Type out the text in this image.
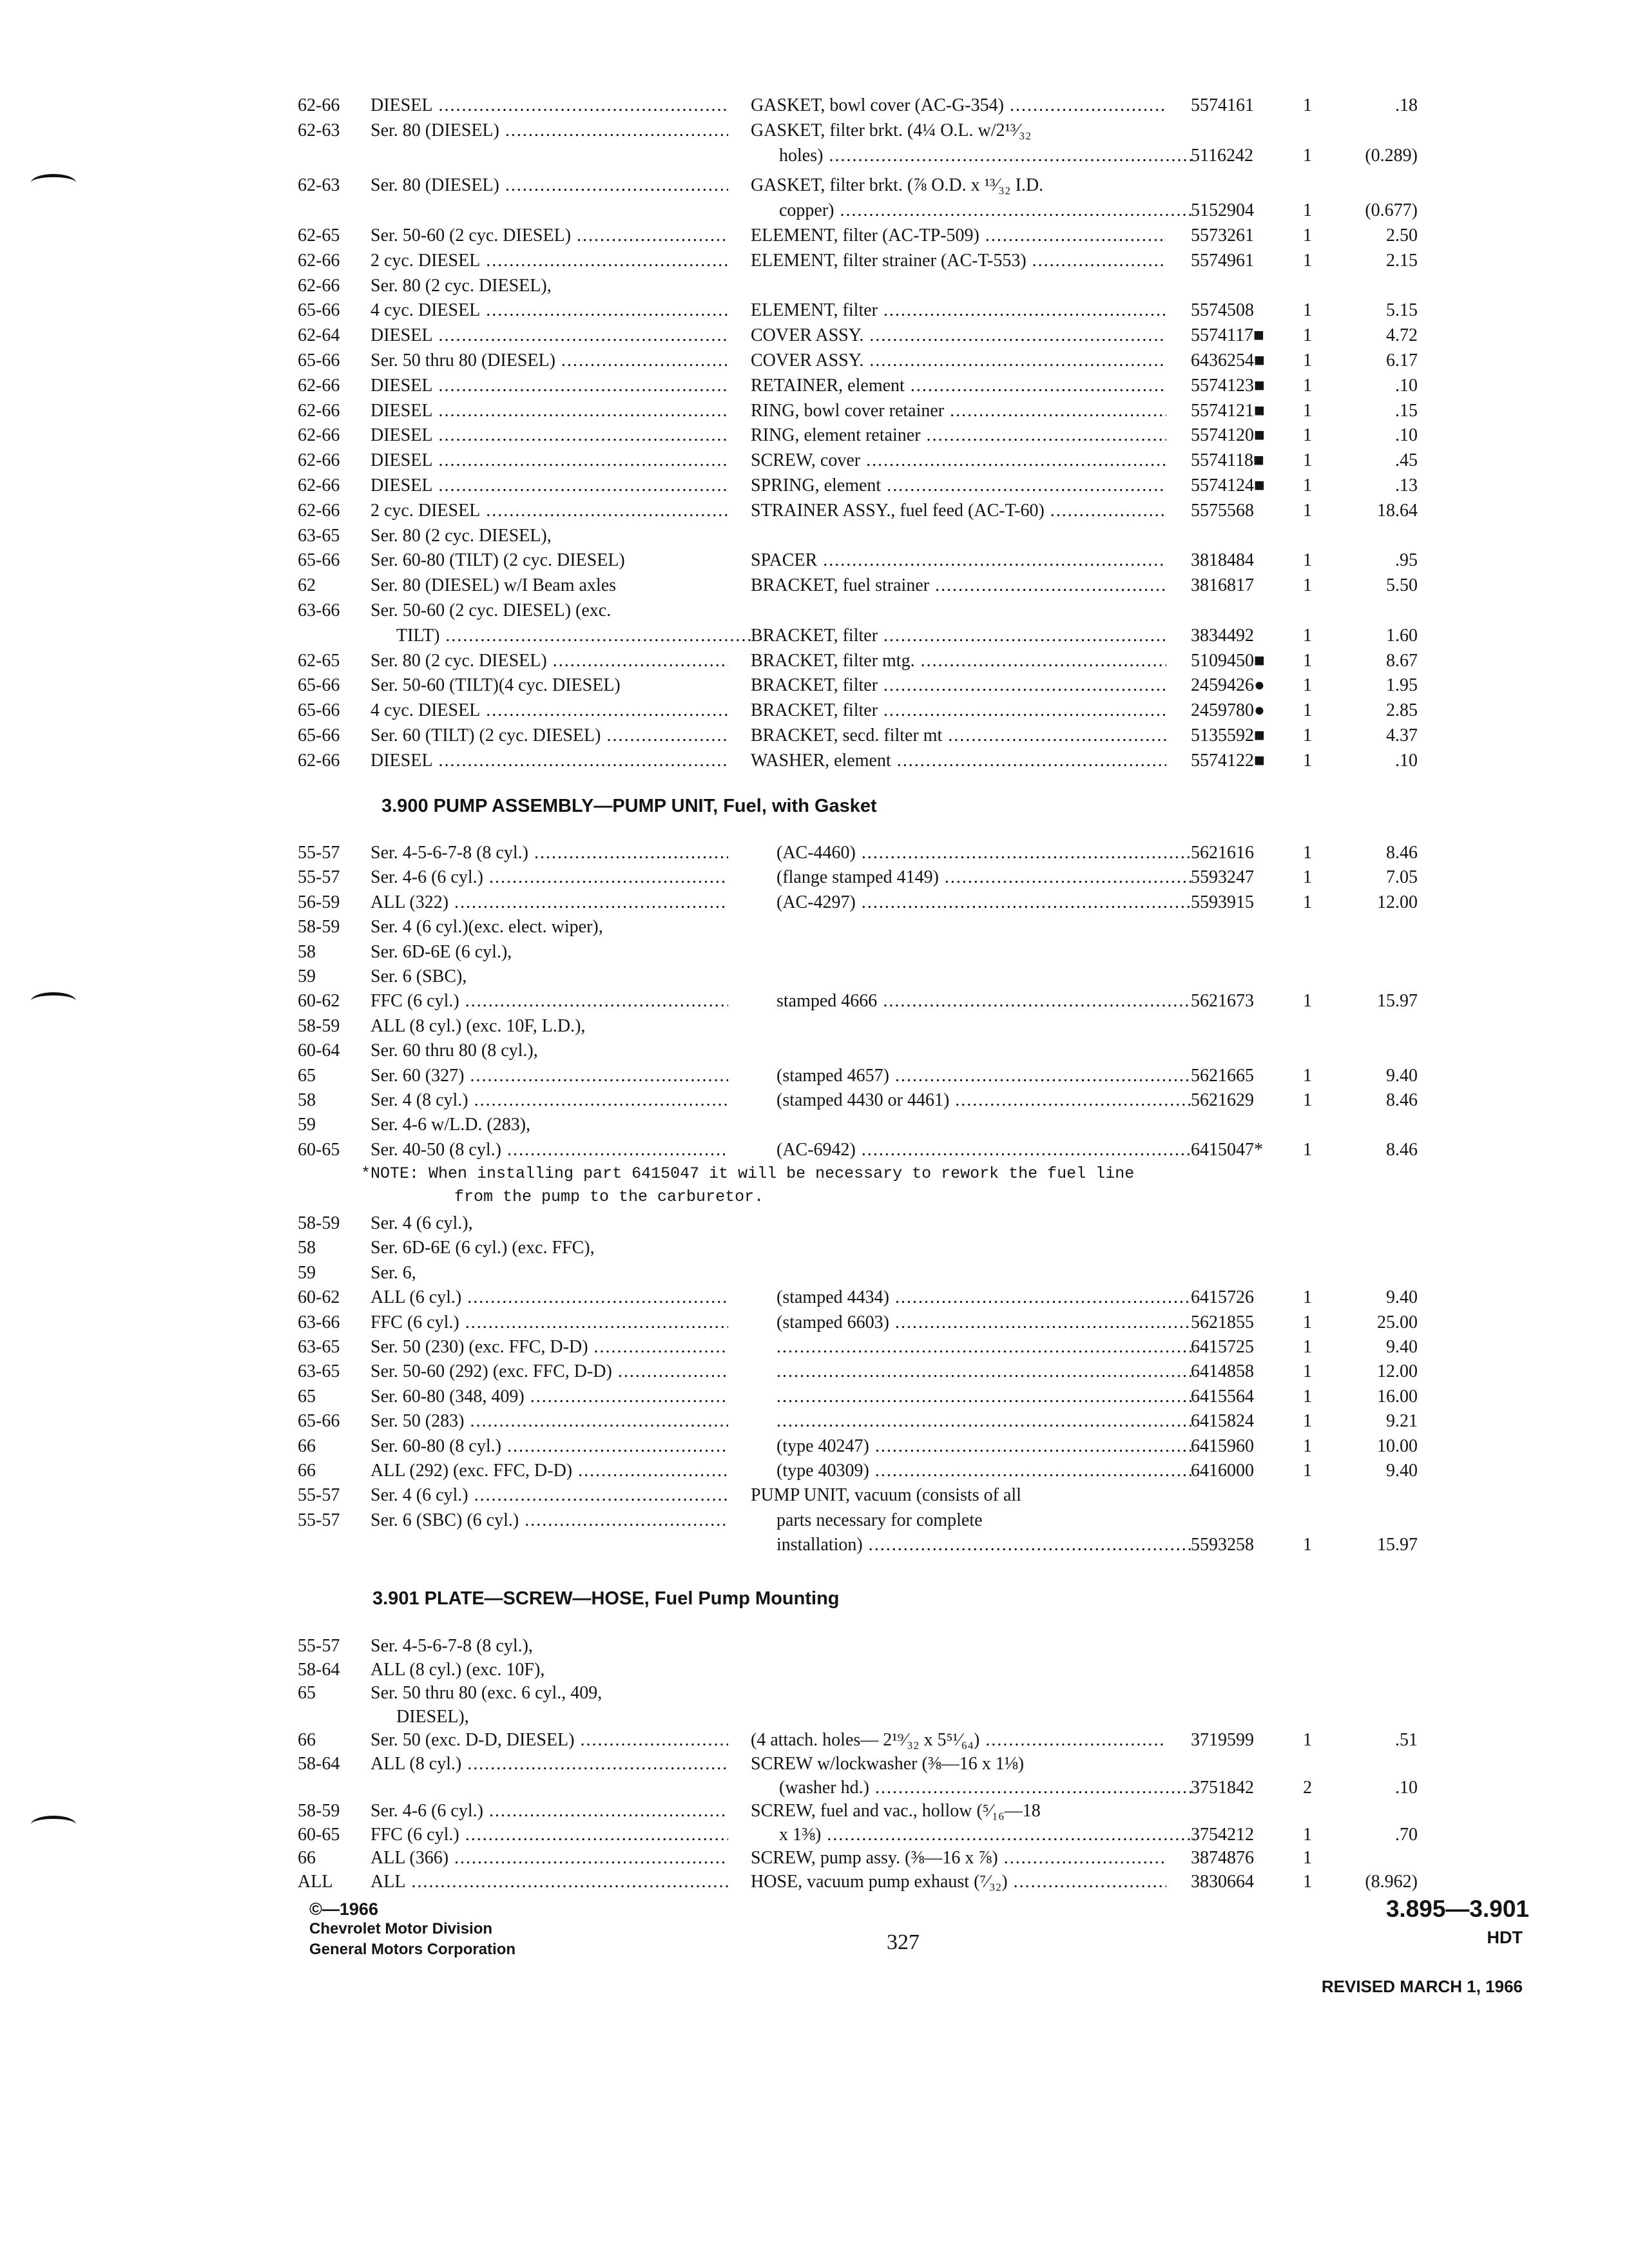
62-66 DIESEL .....	GASKET, bowl cover (AC-G-354) .....	5574161	1	.18
62-63 Ser. 80 (DIESEL) .....	GASKET, filter brkt. (4¼ O.L. w/2¹³⁄₃₂
holes) .....	5116242	1	(0.289)
62-63 Ser. 80 (DIESEL) .....	GASKET, filter brkt. (⅞ O.D. x ¹³⁄₃₂ I.D.
copper) .....	5152904	1	(0.677)
62-65 Ser. 50-60 (2 cyc. DIESEL) .....	ELEMENT, filter (AC-TP-509) .....	5573261	1	2.50
62-66 2 cyc. DIESEL .....	ELEMENT, filter strainer (AC-T-553) .....	5574961	1	2.15
62-66 Ser. 80 (2 cyc. DIESEL),
65-66 4 cyc. DIESEL .....	ELEMENT, filter .....	5574508	1	5.15
62-64 DIESEL .....	COVER ASSY. .....	5574117■ 1	4.72
65-66 Ser. 50 thru 80 (DIESEL) .....	COVER ASSY. .....	6436254■ 1	6.17
62-66 DIESEL .....	RETAINER, element .....	5574123■ 1	.10
62-66 DIESEL .....	RING, bowl cover retainer .....	5574121■ 1	.15
62-66 DIESEL .....	RING, element retainer .....	5574120■ 1	.10
62-66 DIESEL .....	SCREW, cover .....	5574118■ 1	.45
62-66 DIESEL .....	SPRING, element .....	5574124■ 1	.13
62-66 2 cyc. DIESEL .....	STRAINER ASSY., fuel feed (AC-T-60) .....	5575568	1	18.64
63-65 Ser. 80 (2 cyc. DIESEL),
65-66 Ser. 60-80 (TILT) (2 cyc. DIESEL)	SPACER .....	3818484	1	.95
62	Ser. 80 (DIESEL) w/I Beam axles	BRACKET, fuel strainer .....	3816817	1	5.50
63-66 Ser. 50-60 (2 cyc. DIESEL) (exc.
TILT) .....	BRACKET, filter .....	3834492	1	1.60
62-65 Ser. 80 (2 cyc. DIESEL) .....	BRACKET, filter mtg. .....	5109450■ 1	8.67
65-66 Ser. 50-60 (TILT)(4 cyc. DIESEL)	BRACKET, filter .....	2459426● 1	1.95
65-66 4 cyc. DIESEL .....	BRACKET, filter .....	2459780● 1	2.85
65-66 Ser. 60 (TILT) (2 cyc. DIESEL) .....	BRACKET, secd. filter mt .....	5135592■ 1	4.37
62-66 DIESEL .....	WASHER, element .....	5574122■ 1	.10
3.900 PUMP ASSEMBLY—PUMP UNIT, Fuel, with Gasket
55-57 Ser. 4-5-6-7-8 (8 cyl.) .....	(AC-4460) .....	5621616	1	8.46
55-57 Ser. 4-6 (6 cyl.) .....	(flange stamped 4149) .....	5593247	1	7.05
56-59 ALL (322) .....	(AC-4297) .....	5593915	1	12.00
58-59 Ser. 4 (6 cyl.)(exc. elect. wiper),
58	Ser. 6D-6E (6 cyl.),
59	Ser. 6 (SBC),
60-62 FFC (6 cyl.) .....	stamped 4666 .....	5621673	1	15.97
58-59 ALL (8 cyl.) (exc. 10F, L.D.),
60-64 Ser. 60 thru 80 (8 cyl.),
65	Ser. 60 (327) .....	(stamped 4657) .....	5621665	1	9.40
58	Ser. 4 (8 cyl.) .....	(stamped 4430 or 4461) .....	5621629	1	8.46
59	Ser. 4-6 w/L.D. (283),
60-65 Ser. 40-50 (8 cyl.) .....	(AC-6942) .....	6415047* 1	8.46
*NOTE: When installing part 6415047 it will be necessary to rework the fuel line
from the pump to the carburetor.
58-59 Ser. 4 (6 cyl.),
58	Ser. 6D-6E (6 cyl.) (exc. FFC),
59	Ser. 6,
60-62 ALL (6 cyl.) .....	(stamped 4434) .....	6415726	1	9.40
63-66 FFC (6 cyl.) .....	(stamped 6603) .....	5621855	1	25.00
63-65 Ser. 50 (230) (exc. FFC, D-D) ..... .....	6415725	1	9.40
63-65 Ser. 50-60 (292) (exc. FFC, D-D) ..... .....	6414858	1	12.00
65	Ser. 60-80 (348, 409) ..... .....	6415564	1	16.00
65-66 Ser. 50 (283) ..... .....	6415824	1	9.21
66	Ser. 60-80 (8 cyl.) .....	(type 40247) .....	6415960	1	10.00
66	ALL (292) (exc. FFC, D-D) .....	(type 40309) .....	6416000	1	9.40
55-57 Ser. 4 (6 cyl.) .....	PUMP UNIT, vacuum (consists of all
55-57 Ser. 6 (SBC) (6 cyl.) .....	parts necessary for complete
installation) .....	5593258	1	15.97
3.901 PLATE—SCREW—HOSE, Fuel Pump Mounting
55-57 Ser. 4-5-6-7-8 (8 cyl.),
58-64 ALL (8 cyl.) (exc. 10F),
65	Ser. 50 thru 80 (exc. 6 cyl., 409,
DIESEL),
66	Ser. 50 (exc. D-D, DIESEL) .....	(4 attach. holes— 2¹⁹⁄₃₂ x 5⁵¹⁄₆₄) .....	3719599	1	.51
58-64 ALL (8 cyl.) .....	SCREW w/lockwasher (⅜—16 x 1⅛)
(washer hd.) .....	3751842	2	.10
58-59 Ser. 4-6 (6 cyl.) .....	SCREW, fuel and vac., hollow (⁵⁄₁₆—18
60-65 FFC (6 cyl.) .....	x 1⅜) .....	3754212	1	.70
66	ALL (366) .....	SCREW, pump assy. (⅜—16 x ⅞) .....	3874876	1
ALL ALL .....	HOSE, vacuum pump exhaust (⁷⁄₃₂) .....	3830664	1	(8.962)
©—1966
Chevrolet Motor Division
General Motors Corporation	327
3.895—3.901
HDT
REVISED MARCH 1, 1966
